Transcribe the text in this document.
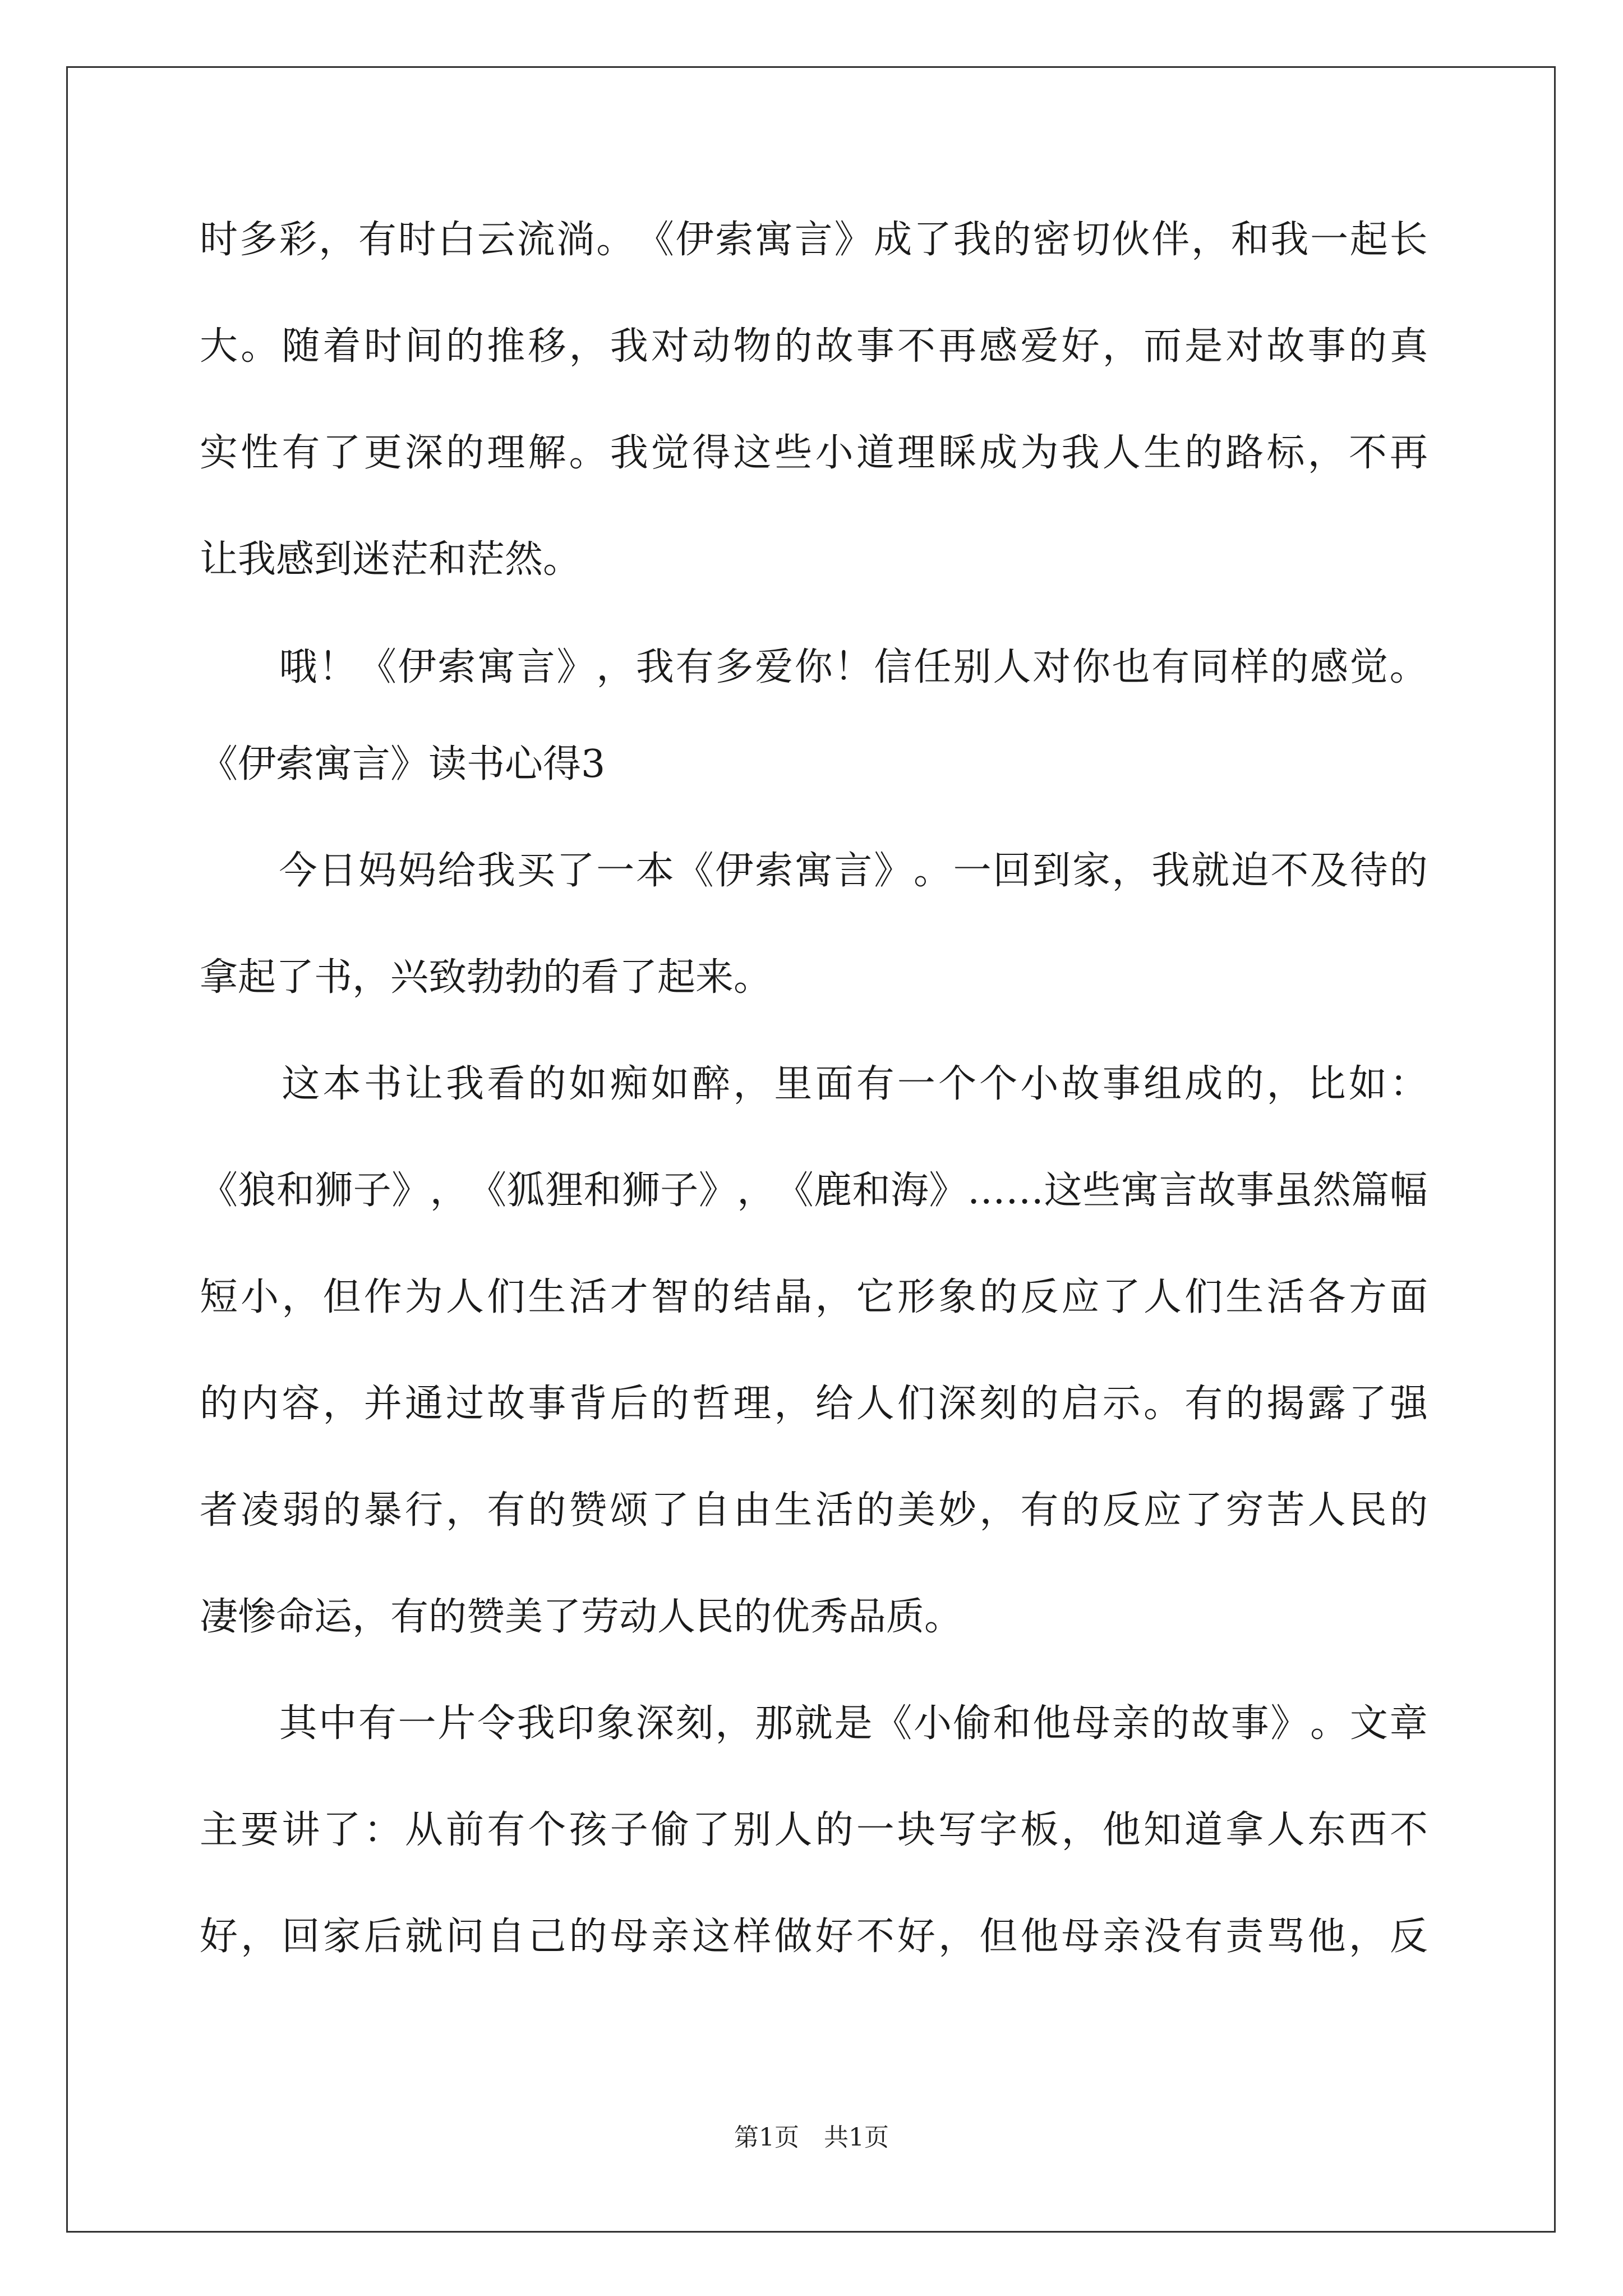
时 多 彩 ， 有 时 白 云 流 淌 。 《 伊 索 寓 言 》 成 了 我 的 密 切 伙 伴 ， 和 我 一 起 长
大 。 随 着 时 间 的 推 移 ， 我 对 动 物 的 故 事 不 再 感 爱 好 ， 而 是 对 故 事 的 真
实 性 有 了 更 深 的 理 解 。 我 觉 得 这 些 小 道 理 睬 成 为 我 人 生 的 路 标 ， 不 再
让我感到迷茫和茫然。

哦 ！ 《 伊 索 寓 言 》 ， 我 有 多 爱 你 ！ 信 任 别 人 对 你 也 有 同 样 的 感 觉 。
《伊索寓言》读书心得3

今 日 妈 妈 给 我 买 了 一 本 《 伊 索 寓 言 》 。 一 回 到 家 ， 我 就 迫 不 及 待 的
拿起了书，兴致勃勃的看了起来。

这 本 书 让 我 看 的 如 痴 如 醉 ， 里 面 有 一 个 个 小 故 事 组 成 的 ， 比 如 ：
《 狼 和 狮 子 》 ， 《 狐 狸 和 狮 子 》 ， 《 鹿 和 海 》 … … 这 些 寓 言 故 事 虽 然 篇 幅
短 小 ， 但 作 为 人 们 生 活 才 智 的 结 晶 ， 它 形 象 的 反 应 了 人 们 生 活 各 方 面
的 内 容 ， 并 通 过 故 事 背 后 的 哲 理 ， 给 人 们 深 刻 的 启 示 。 有 的 揭 露 了 强
者 凌 弱 的 暴 行 ， 有 的 赞 颂 了 自 由 生 活 的 美 妙 ， 有 的 反 应 了 穷 苦 人 民 的
凄惨命运，有的赞美了劳动人民的优秀品质。

其 中 有 一 片 令 我 印 象 深 刻 ， 那 就 是 《 小 偷 和 他 母 亲 的 故 事 》 。 文 章
主 要 讲 了 ： 从 前 有 个 孩 子 偷 了 别 人 的 一 块 写 字 板 ， 他 知 道 拿 人 东 西 不
好 ， 回 家 后 就 问 自 己 的 母 亲 这 样 做 好 不 好 ， 但 他 母 亲 没 有 责 骂 他 ， 反
第1页　共1页
